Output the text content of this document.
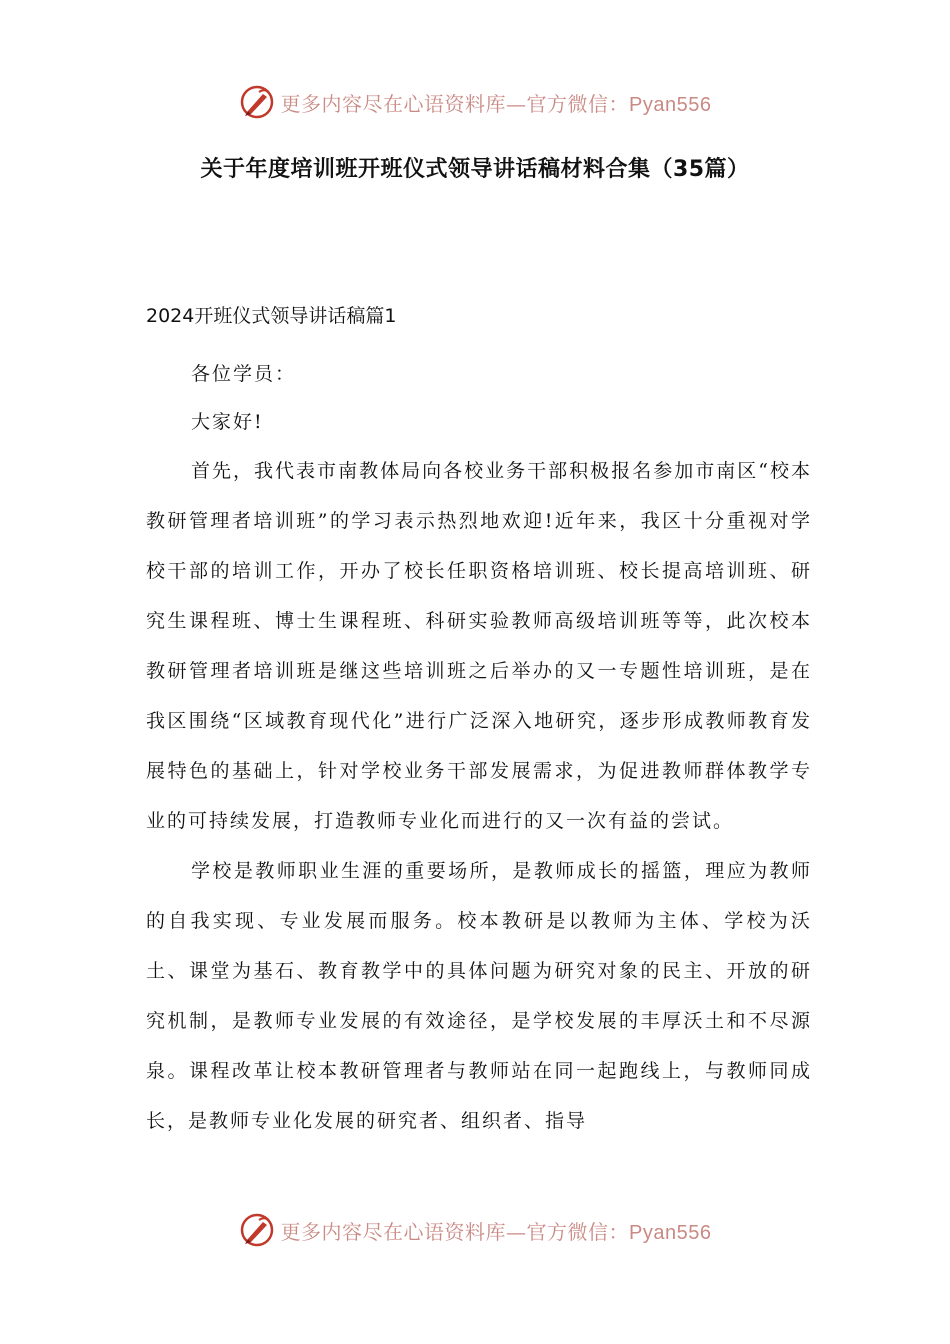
更多内容尽在心语资料库—官方微信：Pyan556
关于年度培训班开班仪式领导讲话稿材料合集（35篇）
2024开班仪式领导讲话稿篇1

各位学员：

大家好!

首先，我代表市南教体局向各校业务干部积极报名参加市南区“校本教研管理者培训班”的学习表示热烈地欢迎!近年来，我区十分重视对学校干部的培训工作，开办了校长任职资格培训班、校长提高培训班、研究生课程班、博士生课程班、科研实验教师高级培训班等等，此次校本教研管理者培训班是继这些培训班之后举办的又一专题性培训班，是在我区围绕“区域教育现代化”进行广泛深入地研究，逐步形成教师教育发展特色的基础上，针对学校业务干部发展需求，为促进教师群体教学专业的可持续发展，打造教师专业化而进行的又一次有益的尝试。

学校是教师职业生涯的重要场所，是教师成长的摇篮，理应为教师的自我实现、专业发展而服务。校本教研是以教师为主体、学校为沃土、课堂为基石、教育教学中的具体问题为研究对象的民主、开放的研究机制，是教师专业发展的有效途径，是学校发展的丰厚沃土和不尽源泉。课程改革让校本教研管理者与教师站在同一起跑线上，与教师同成长，是教师专业化发展的研究者、组织者、指导

更多内容尽在心语资料库—官方微信：Pyan556
